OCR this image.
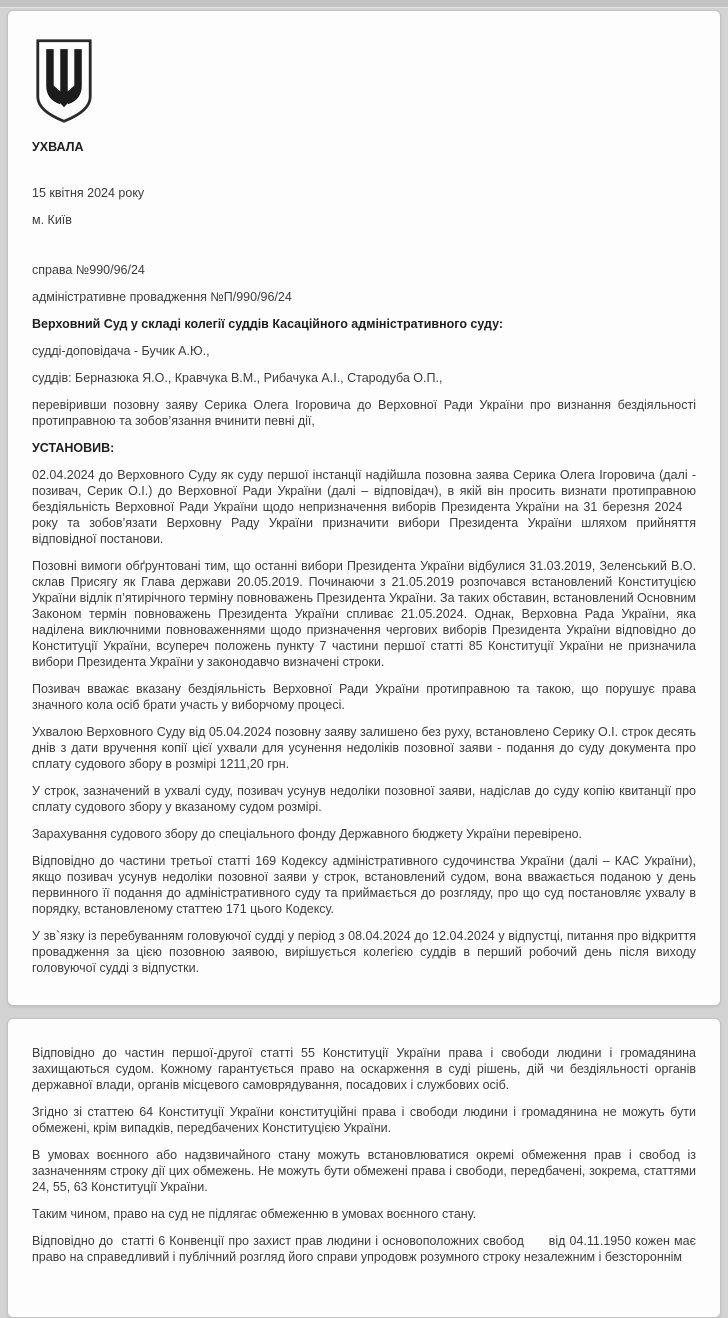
УХВАЛА

15 квітня 2024 року

м. Київ

справа №990/96/24

адміністративне провадження №П/990/96/24

Верховний Суд у складі колегії суддів Касаційного адміністративного суду:

судді-доповідача - Бучик А.Ю.,

суддів: Берназюка Я.О., Кравчука В.М., Рибачука А.І., Стародуба О.П.,

перевіривши позовну заяву Серика Олега Ігоровича до Верховної Ради України про визнання бездіяльності протиправною та зобов’язання вчинити певні дії,

УСТАНОВИВ:

02.04.2024 до Верховного Суду як суду першої інстанції надійшла позовна заява Серика Олега Ігоровича (далі - позивач, Серик О.І.) до Верховної Ради України (далі – відповідач), в якій він просить визнати протиправною бездіяльність Верховної Ради України щодо непризначення виборів Президента України на 31 березня 2024    року та зобов’язати Верховну Раду України призначити вибори Президента України шляхом прийняття відповідної постанови.

Позовні вимоги обґрунтовані тим, що останні вибори Президента України відбулися 31.03.2019, Зеленський В.О. склав Присягу як Глава держави 20.05.2019. Починаючи з 21.05.2019 розпочався встановлений Конституцією України відлік п’ятирічного терміну повноважень Президента України. За таких обставин, встановлений Основним Законом термін повноважень Президента України спливає 21.05.2024. Однак, Верховна Рада України, яка наділена виключними повноваженнями щодо призначення чергових виборів Президента України відповідно до Конституції України, всупереч положень пункту 7 частини першої статті 85 Конституції України не призначила вибори Президента України у законодавчо визначені строки.

Позивач вважає вказану бездіяльність Верховної Ради України протиправною та такою, що порушує права значного кола осіб брати участь у виборчому процесі.

Ухвалою Верховного Суду від 05.04.2024 позовну заяву залишено без руху, встановлено Серику О.І. строк десять днів з дати вручення копії цієї ухвали для усунення недоліків позовної заяви - подання до суду документа про сплату судового збору в розмірі 1211,20 грн.

У строк, зазначений в ухвалі суду, позивач усунув недоліки позовної заяви, надіслав до суду копію квитанції про сплату судового збору у вказаному судом розмірі.

Зарахування судового збору до спеціального фонду Державного бюджету України перевірено.

Відповідно до частини третьої статті 169 Кодексу адміністративного судочинства України (далі – КАС України), якщо позивач усунув недоліки позовної заяви у строк, встановлений судом, вона вважається поданою у день первинного її подання до адміністративного суду та приймається до розгляду, про що суд постановляє ухвалу в порядку, встановленому статтею 171 цього Кодексу.

У зв`язку із перебуванням головуючої судді у період з 08.04.2024 до 12.04.2024 у відпустці, питання про відкриття провадження за цією позовною заявою, вирішується колегією суддів в перший робочий день після виходу головуючої судді з відпустки.

Відповідно до частин першої-другої статті 55 Конституції України права і свободи людини і громадянина захищаються судом. Кожному гарантується право на оскарження в суді рішень, дій чи бездіяльності органів державної влади, органів місцевого самоврядування, посадових і службових осіб.

Згідно зі статтею 64 Конституції України конституційні права і свободи людини і громадянина не можуть бути обмежені, крім випадків, передбачених Конституцією України.

В умовах воєнного або надзвичайного стану можуть встановлюватися окремі обмеження прав і свобод із зазначенням строку дії цих обмежень. Не можуть бути обмежені права і свободи, передбачені, зокрема, статтями 24, 55, 63 Конституції України.

Таким чином, право на суд не підлягає обмеженню в умовах воєнного стану.

Відповідно до  статті 6 Конвенції про захист прав людини і основоположних свобод      від 04.11.1950 кожен має право на справедливий і публічний розгляд його справи упродовж розумного строку незалежним і безстороннім
